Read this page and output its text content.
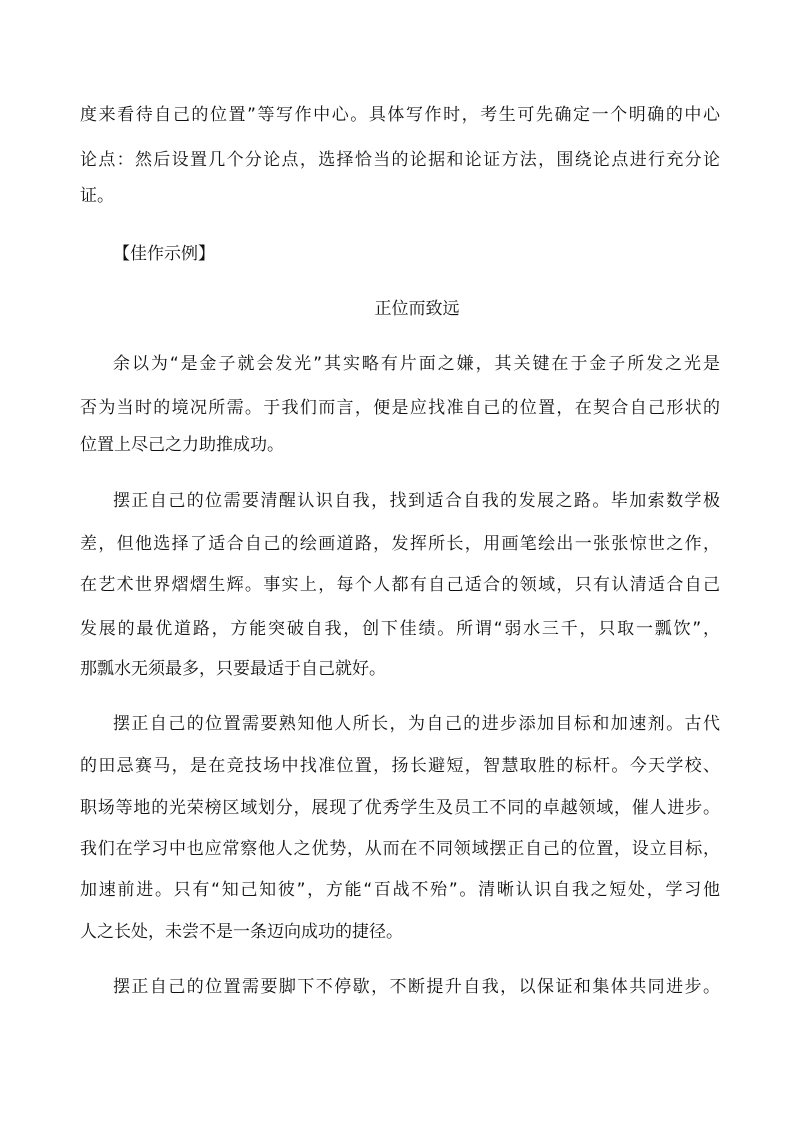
度来看待自己的位置”等写作中心。具体写作时，考生可先确定一个明确的中心
论点：然后设置几个分论点，选择恰当的论据和论证方法，围绕论点进行充分论
证。
【佳作示例】
正位而致远
余以为“是金子就会发光”其实略有片面之嫌，其关键在于金子所发之光是
否为当时的境况所需。于我们而言，便是应找准自己的位置，在契合自己形状的
位置上尽己之力助推成功。
摆正自己的位需要清醒认识自我，找到适合自我的发展之路。毕加索数学极
差，但他选择了适合自己的绘画道路，发挥所长，用画笔绘出一张张惊世之作，
在艺术世界熠熠生辉。事实上，每个人都有自己适合的领域，只有认清适合自己
发展的最优道路，方能突破自我，创下佳绩。所谓“弱水三千，只取一瓢饮”，
那瓢水无须最多，只要最适于自己就好。
摆正自己的位置需要熟知他人所长，为自己的进步添加目标和加速剂。古代
的田忌赛马，是在竞技场中找准位置，扬长避短，智慧取胜的标杆。今天学校、
职场等地的光荣榜区域划分，展现了优秀学生及员工不同的卓越领域，催人进步。
我们在学习中也应常察他人之优势，从而在不同领域摆正自己的位置，设立目标，
加速前进。只有“知己知彼”，方能“百战不殆”。清晰认识自我之短处，学习他
人之长处，未尝不是一条迈向成功的捷径。
摆正自己的位置需要脚下不停歇，不断提升自我，以保证和集体共同进步。
